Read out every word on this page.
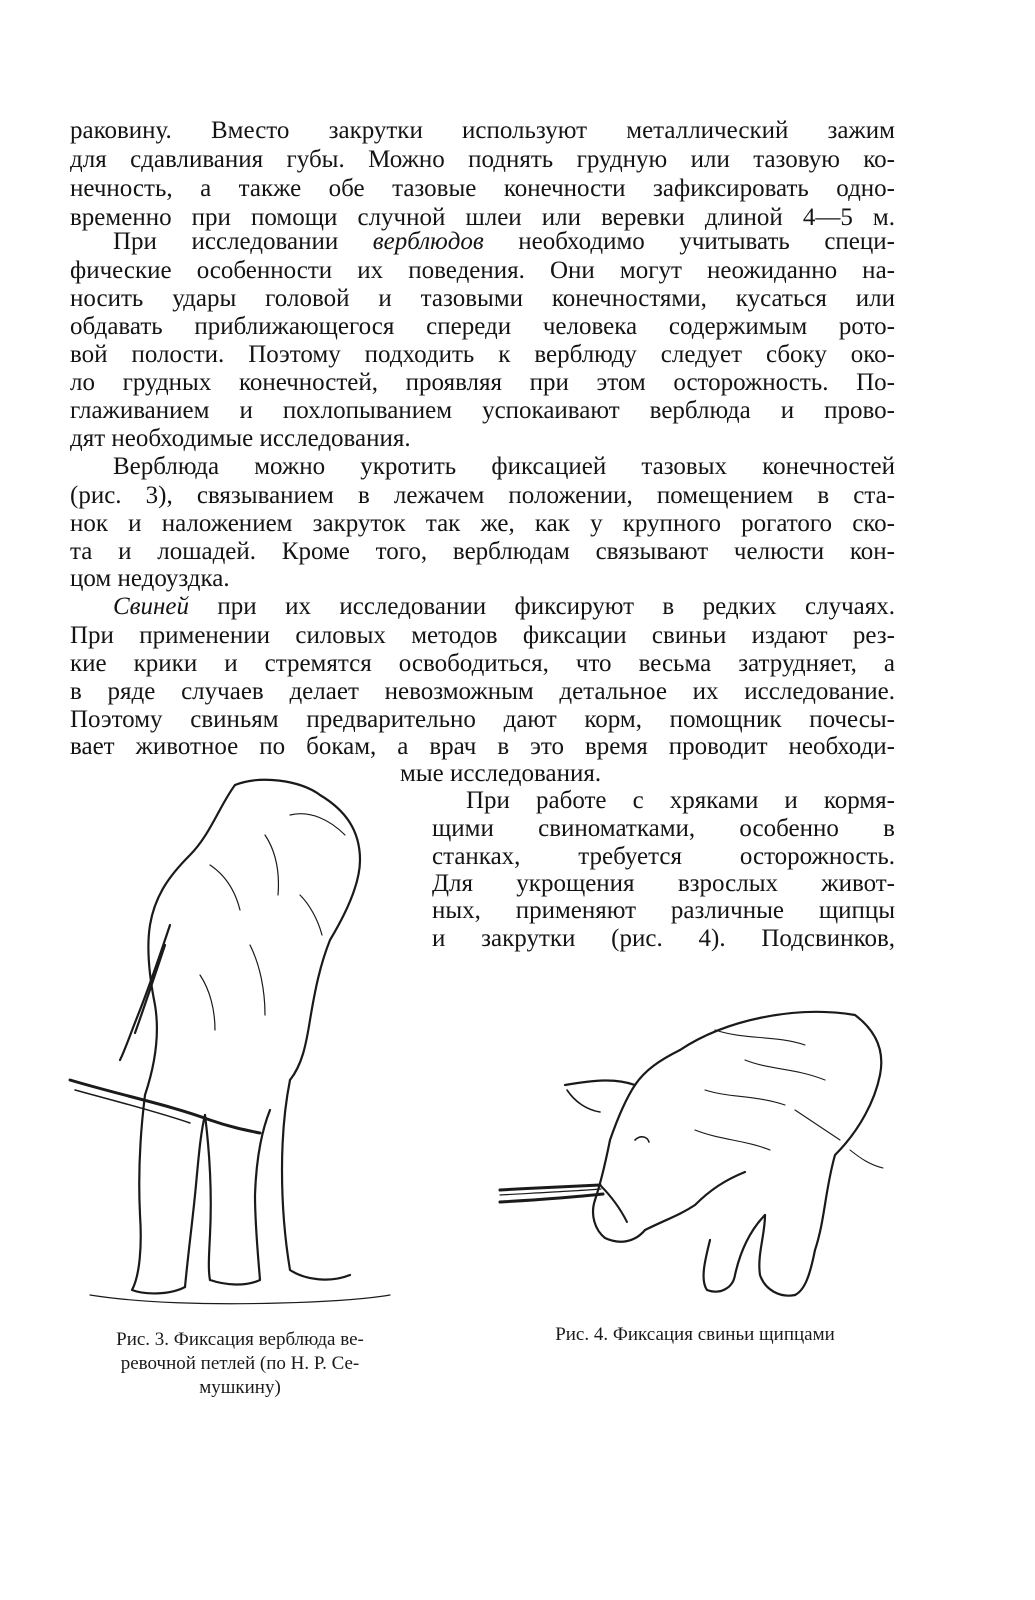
раковину. Вместо закрутки используют металлический зажим
для сдавливания губы. Можно поднять грудную или тазовую ко-
нечность, а также обе тазовые конечности зафиксировать одно-
временно при помощи случной шлеи или веревки длиной 4—5 м.
При исследовании верблюдов необходимо учитывать специ-
фические особенности их поведения. Они могут неожиданно на-
носить удары головой и тазовыми конечностями, кусаться или
обдавать приближающегося спереди человека содержимым рото-
вой полости. Поэтому подходить к верблюду следует сбоку око-
ло грудных конечностей, проявляя при этом осторожность. По-
глаживанием и похлопыванием успокаивают верблюда и прово-
дят необходимые исследования.
Верблюда можно укротить фиксацией тазовых конечностей
(рис. 3), связыванием в лежачем положении, помещением в ста-
нок и наложением закруток так же, как у крупного рогатого ско-
та и лошадей. Кроме того, верблюдам связывают челюсти кон-
цом недоуздка.
Свиней при их исследовании фиксируют в редких случаях.
При применении силовых методов фиксации свиньи издают рез-
кие крики и стремятся освободиться, что весьма затрудняет, а
в ряде случаев делает невозможным детальное их исследование.
Поэтому свиньям предварительно дают корм, помощник почесы-
вает животное по бокам, а врач в это время проводит необходи-
мые исследования.
При работе с хряками и кормя-
щими свиноматками, особенно в
станках, требуется осторожность.
Для укрощения взрослых живот-
ных, применяют различные щипцы
и закрутки (рис. 4). Подсвинков,
Рис. 3. Фиксация верблюда ве-
ревочной петлей (по Н. Р. Се-
мушкину)
Рис. 4. Фиксация свиньи щипцами
